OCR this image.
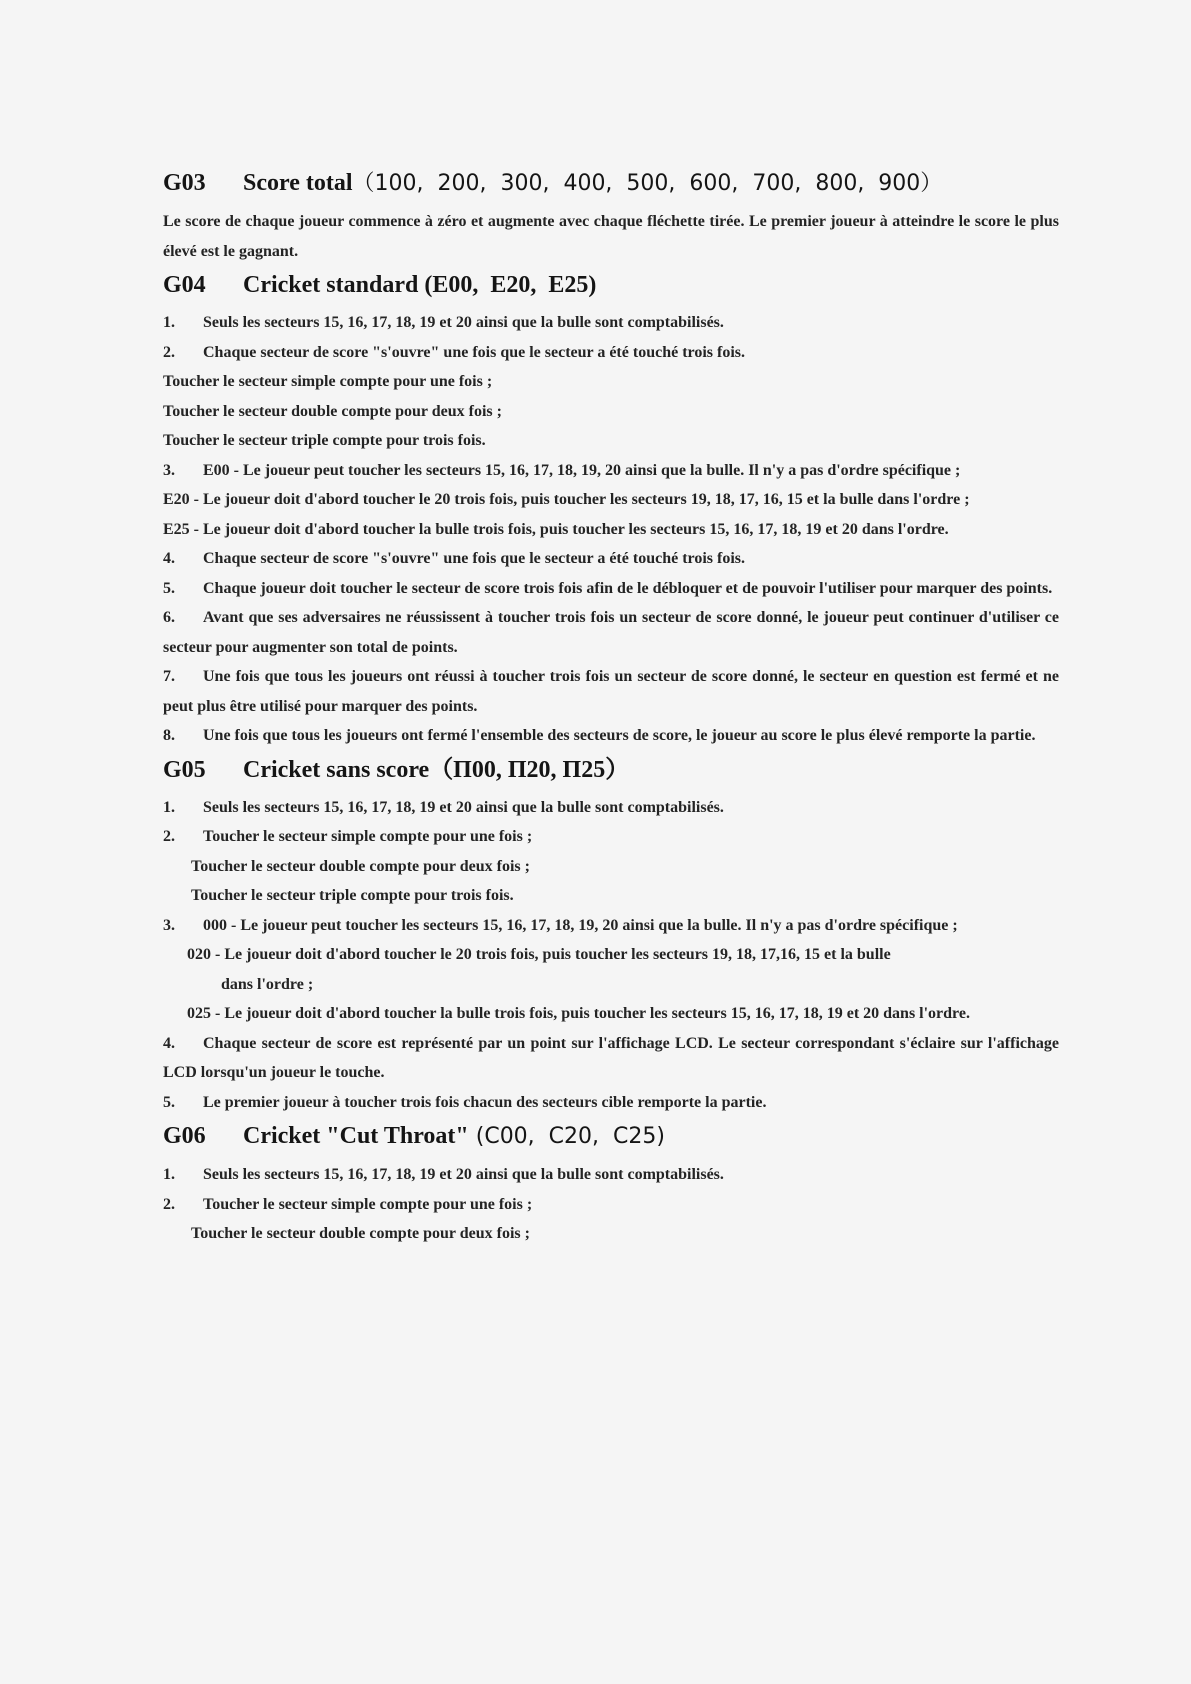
G03	Score total （100,  200,  300,  400,  500,  600,  700,  800,  900）

Le score de chaque joueur commence à zéro et augmente avec chaque fléchette tirée. Le premier joueur à atteindre le score le plus élevé est le gagnant.

G04	Cricket standard (E00,  E20,  E25)

1. Seuls les secteurs 15, 16, 17, 18, 19 et 20 ainsi que la bulle sont comptabilisés.

2. Chaque secteur de score "s'ouvre" une fois que le secteur a été touché trois fois.

Toucher le secteur simple compte pour une fois ;

Toucher le secteur double compte pour deux fois ;

Toucher le secteur triple compte pour trois fois.

3. E00 - Le joueur peut toucher les secteurs 15, 16, 17, 18, 19, 20 ainsi que la bulle. Il n'y a pas d'ordre spécifique ;

E20 - Le joueur doit d'abord toucher le 20 trois fois, puis toucher les secteurs 19, 18, 17, 16, 15 et la bulle dans l'ordre ;

E25 - Le joueur doit d'abord toucher la bulle trois fois, puis toucher les secteurs 15, 16, 17, 18, 19 et 20 dans l'ordre.

4. Chaque secteur de score "s'ouvre" une fois que le secteur a été touché trois fois.

5. Chaque joueur doit toucher le secteur de score trois fois afin de le débloquer et de pouvoir l'utiliser pour marquer des points.

6. Avant que ses adversaires ne réussissent à toucher trois fois un secteur de score donné, le joueur peut continuer d'utiliser ce secteur pour augmenter son total de points.

7. Une fois que tous les joueurs ont réussi à toucher trois fois un secteur de score donné, le secteur en question est fermé et ne peut plus être utilisé pour marquer des points.

8. Une fois que tous les joueurs ont fermé l'ensemble des secteurs de score, le joueur au score le plus élevé remporte la partie.

G05	Cricket sans score （П00, П20, П25）

1. Seuls les secteurs 15, 16, 17, 18, 19 et 20 ainsi que la bulle sont comptabilisés.

2. Toucher le secteur simple compte pour une fois ;

Toucher le secteur double compte pour deux fois ;

Toucher le secteur triple compte pour trois fois.

3. 000 - Le joueur peut toucher les secteurs 15, 16, 17, 18, 19, 20 ainsi que la bulle. Il n'y a pas d'ordre spécifique ;

020 - Le joueur doit d'abord toucher le 20 trois fois, puis toucher les secteurs 19, 18, 17,16, 15 et la bulle

dans l'ordre ;

025 - Le joueur doit d'abord toucher la bulle trois fois, puis toucher les secteurs 15, 16, 17, 18, 19 et 20 dans l'ordre.

4. Chaque secteur de score est représenté par un point sur l'affichage LCD. Le secteur correspondant s'éclaire sur l'affichage LCD lorsqu'un joueur le touche.

5. Le premier joueur à toucher trois fois chacun des secteurs cible remporte la partie.

G06	Cricket "Cut Throat" (C00,  C20,  C25)

1. Seuls les secteurs 15, 16, 17, 18, 19 et 20 ainsi que la bulle sont comptabilisés.

2. Toucher le secteur simple compte pour une fois ;

Toucher le secteur double compte pour deux fois ;
